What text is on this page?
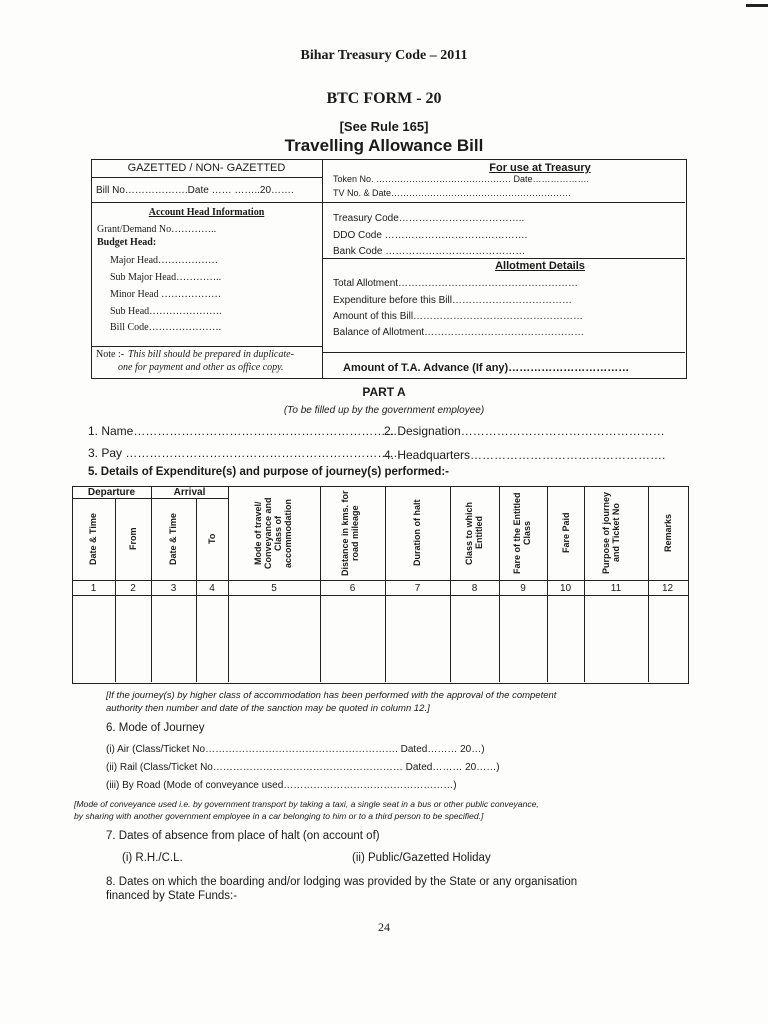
Bihar Treasury Code – 2011
BTC FORM - 20
[See Rule 165]
Travelling Allowance Bill
GAZETTED / NON- GAZETTED
Bill No……………….Date …… ……..20…….
Account Head Information
Grant/Demand No…………..
Budget Head:
Major Head………………
Sub Major Head…………..
Minor Head ………………
Sub Head………………….
Bill Code………………….
Note :- This bill should be prepared in duplicate-
one for payment and other as office copy.
For use at Treasury
Token No. ……………………………………… Date……………….
TV No. & Date……………………………………………………
Treasury Code………………………………..
DDO Code …………………………………….
Bank Code ……………………………………
Allotment Details
Total Allotment………………………………………………
Expenditure before this Bill………………………………
Amount of this Bill……………………………………………
Balance of Allotment…………………………………………
Amount of T.A. Advance (If any)……………………………
PART A
(To be filled up by the government employee)
1. Name………………………………………………………….
2. Designation……………………………………………
3. Pay ……………………………………………………………
4. Headquarters………………………………………….
5. Details of Expenditure(s) and purpose of journey(s) performed:-
Departure	Arrival
Date & Time	From	Date & Time	To	Mode of travel/ Conveyance and Class of accommodation	Distance in kms. for road mileage	Duration of halt	Class to which Entitled	Fare of the Entitled Class	Fare Paid	Purpose of journey and Ticket No	Remarks
1	2	3	4	5	6	7	8	9	10	11	12
[If the journey(s) by higher class of accommodation has been performed with the approval of the competent
authority then number and date of the sanction may be quoted in column 12.]
6. Mode of Journey
(i) Air (Class/Ticket No…………………………………………………. Dated……… 20…)
(ii) Rail (Class/Ticket No………………………………………………… Dated……… 20……)
(iii) By Road (Mode of conveyance used……………………………………………)
[Mode of conveyance used i.e. by government transport by taking a taxi, a single seat in a bus or other public conveyance,
by sharing with another government employee in a car belonging to him or to a third person to be specified.]
7. Dates of absence from place of halt (on account of)
(i) R.H./C.L.	(ii) Public/Gazetted Holiday
8. Dates on which the boarding and/or lodging was provided by the State or any organisation
financed by State Funds:-
24
